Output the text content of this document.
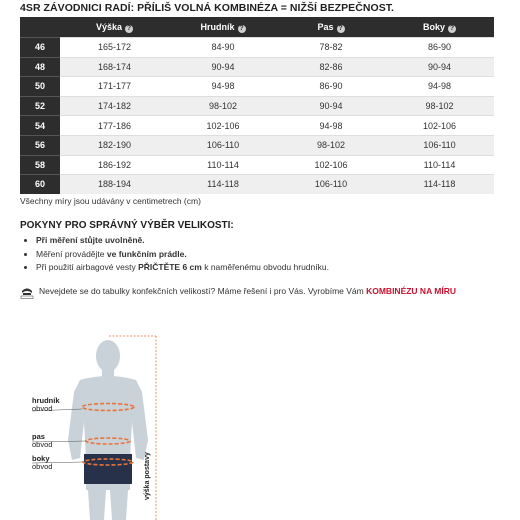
4SR ZÁVODNICI RADÍ: PŘÍLIŠ VOLNÁ KOMBINÉZA = NIŽŠÍ BEZPEČNOST.
	Výška ?	Hrudník ?	Pas ?	Boky ?
46	165-172	84-90	78-82	86-90
48	168-174	90-94	82-86	90-94
50	171-177	94-98	86-90	94-98
52	174-182	98-102	90-94	98-102
54	177-186	102-106	94-98	102-106
56	182-190	106-110	98-102	106-110
58	186-192	110-114	102-106	110-114
60	188-194	114-118	106-110	114-118
Všechny míry jsou udávány v centimetrech (cm)
POKYNY PRO SPRÁVNÝ VÝBĚR VELIKOSTI:
• Při měření stůjte uvolněně.
• Měření provádějte ve funkčním prádle.
• Při použití airbagové vesty PŘIČTĚTE 6 cm k naměřenému obvodu hrudníku.
Nevejdete se do tabulky konfekčních velikostí? Máme řešení i pro Vás. Vyrobíme Vám KOMBINÉZU NA MÍRU
výška postavy
hrudník
obvod
pas
obvod
boky
obvod
